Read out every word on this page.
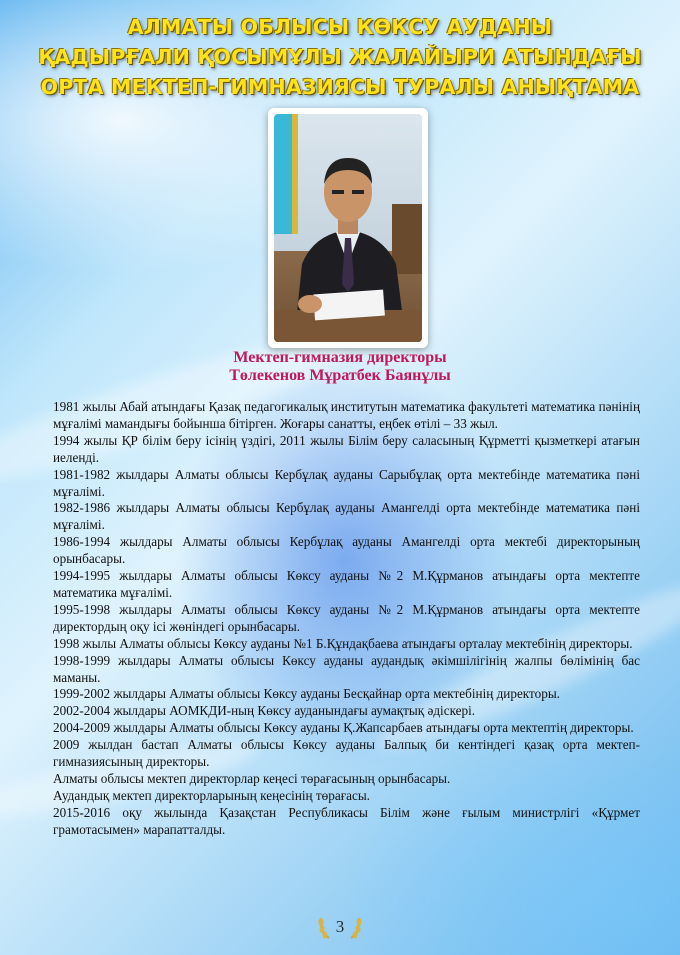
АЛМАТЫ ОБЛЫСЫ КӨКСУ АУДАНЫ
ҚАДЫРҒАЛИ ҚОСЫМҰЛЫ ЖАЛАЙЫРИ АТЫНДАҒЫ
ОРТА МЕКТЕП-ГИМНАЗИЯСЫ ТУРАЛЫ АНЫҚТАМА
Мектеп-гимназия директоры
Төлекенов Мұратбек Баянұлы
1981 жылы Абай атындағы Қазақ педагогикалық институтын математика факультеті математика пәнінің мұғалімі мамандығы бойынша бітірген. Жоғары санатты, еңбек өтілі – 33 жыл.
1994 жылы ҚР білім беру ісінің үздігі, 2011 жылы Білім беру саласының Құрметті қызметкері атағын иеленді.
1981-1982 жылдары Алматы облысы Кербұлақ ауданы Сарыбұлақ орта мектебінде математика пәні мұғалімі.
1982-1986 жылдары Алматы облысы Кербұлақ ауданы Амангелді орта мектебінде математика пәні мұғалімі.
1986-1994 жылдары Алматы облысы Кербұлақ ауданы Амангелді орта мектебі директорының орынбасары.
1994-1995 жылдары Алматы облысы Көксу ауданы №2 М.Құрманов атындағы орта мектепте математика мұғалімі.
1995-1998 жылдары Алматы облысы Көксу ауданы №2 М.Құрманов атындағы орта мектепте директордың оқу ісі жөніндегі орынбасары.
1998 жылы Алматы облысы Көксу ауданы №1 Б.Құндақбаева атындағы орталау мектебінің директоры.
1998-1999 жылдары Алматы облысы Көксу ауданы аудандық әкімшілігінің жалпы бөлімінің бас маманы.
1999-2002 жылдары Алматы облысы Көксу ауданы Бесқайнар орта мектебінің директоры.
2002-2004 жылдары АОМКДИ-ның Көксу ауданындағы аумақтық әдіскері.
2004-2009 жылдары Алматы облысы Көксу ауданы Қ.Жапсарбаев атындағы орта мектептің директоры.
2009 жылдан бастап Алматы облысы Көксу ауданы Балпық би кентіндегі қазақ орта мектеп-гимназиясының директоры.
Алматы облысы мектеп директорлар кеңесі төрағасының орынбасары.
Аудандық мектеп директорларының кеңесінің төрағасы.
2015-2016 оқу жылында Қазақстан Республикасы Білім және ғылым министрлігі «Құрмет грамотасымен» марапатталды.
3
